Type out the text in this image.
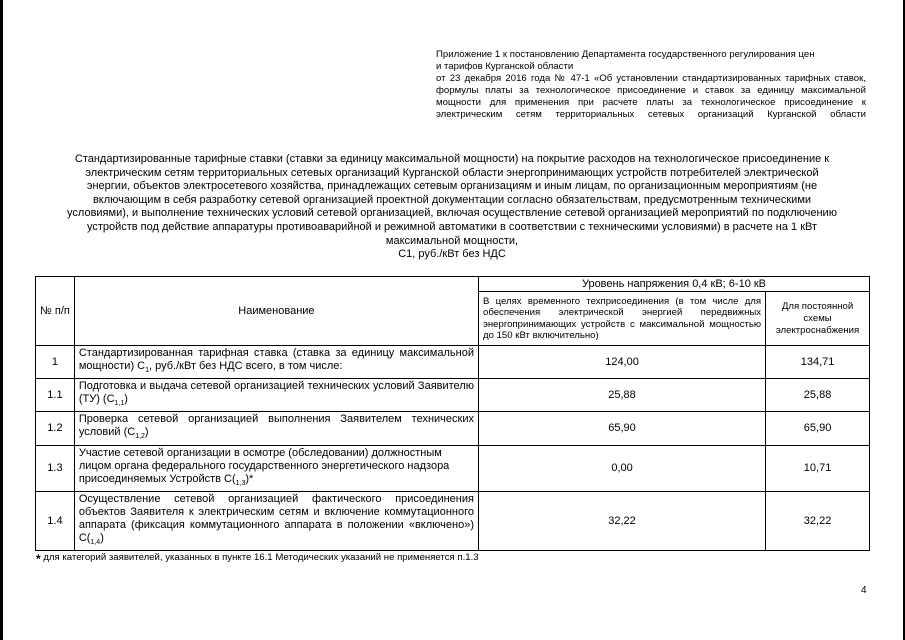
Приложение 1 к постановлению Департамента государственного регулирования цен
и тарифов Курганской области
от 23 декабря 2016 года № 47-1 «Об установлении стандартизированных тарифных ставок, формулы платы за технологическое присоединение и ставок за единицу максимальной мощности для применения при расчете платы за технологическое присоединение к электрическим сетям территориальных сетевых организаций Курганской области
Стандартизированные тарифные ставки (ставки за единицу максимальной мощности) на покрытие расходов на технологическое присоединение к
электрическим сетям территориальных сетевых организаций Курганской области энергопринимающих устройств потребителей электрической
энергии, объектов электросетевого хозяйства, принадлежащих сетевым организациям и иным лицам, по организационным мероприятиям (не
включающим в себя разработку сетевой организацией проектной документации согласно обязательствам, предусмотренным техническими
условиями), и выполнение технических условий сетевой организацией, включая осуществление сетевой организацией мероприятий по подключению
устройств под действие аппаратуры противоаварийной и режимной автоматики в соответствии с техническими условиями) в расчете на 1 кВт
максимальной мощности,
С1, руб./кВт без НДС
№ п/п	Наименование	Уровень напряжения 0,4 кВ; 6-10 кВ	
		В целях временного техприсоединения (в том числе для обеспечения электрической энергией передвижных энергопринимающих устройств с максимальной мощностью до 150 кВт включительно)	Для постоянной схемы электроснабжения
1	Стандартизированная тарифная ставка (ставка за единицу максимальной мощности) $С_1$, руб./кВт без НДС всего, в том числе:	124,00	134,71
1.1	Подготовка и выдача сетевой организацией технических условий Заявителю (ТУ) $(С_{1,1})$	25,88	25,88
1.2	Проверка сетевой организацией выполнения Заявителем технических условий $(С_{1,2})$	65,90	65,90
1.3	Участие сетевой организации в осмотре (обследовании) должностным лицом органа федерального государственного энергетического надзора присоединяемых Устройств $С(_{1,3})*$	0,00	10,71
1.4	Осуществление сетевой организацией фактического присоединения объектов Заявителя к электрическим сетям и включение коммутационного аппарата (фиксация коммутационного аппарата в положении «включено») $С(_{1,4})$	32,22	32,22
* для категорий заявителей, указанных в пункте 16.1 Методических указаний не применяется п.1.3
4
